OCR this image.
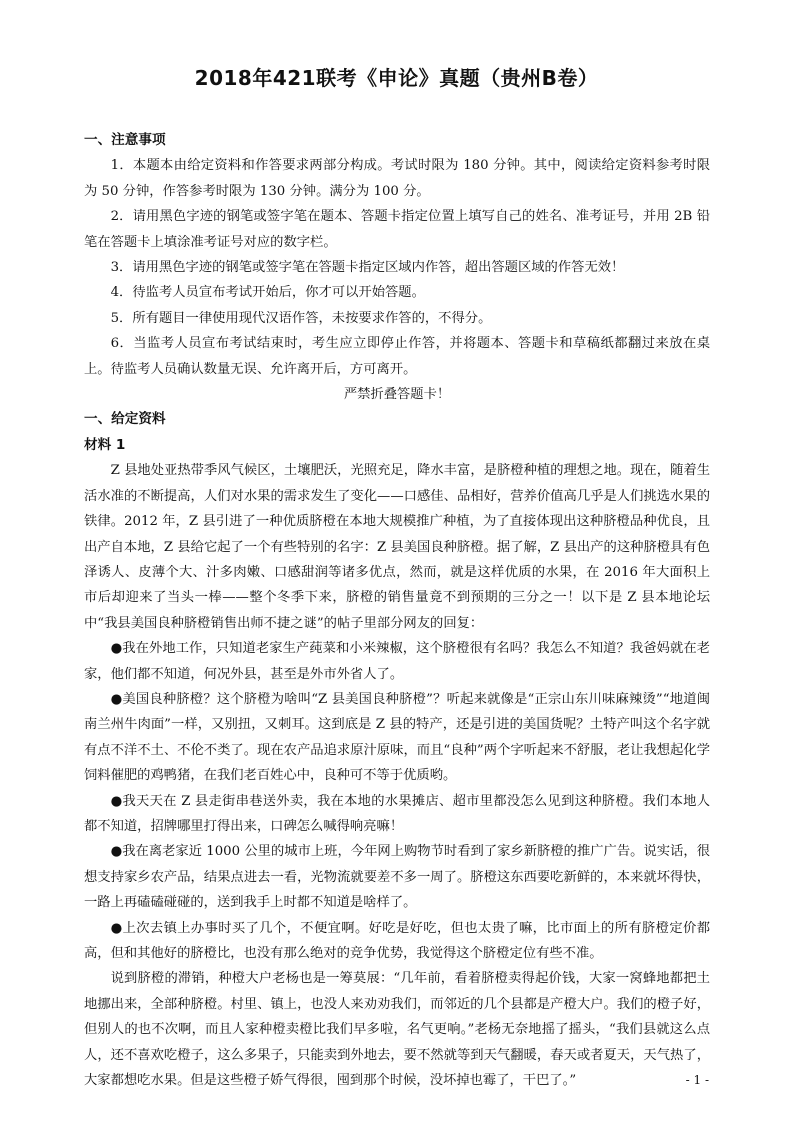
2018年421联考《申论》真题（贵州B卷）

一、注意事项

1．本题本由给定资料和作答要求两部分构成。考试时限为 180 分钟。其中，阅读给定资料参考时限为 50 分钟，作答参考时限为 130 分钟。满分为 100 分。

2．请用黑色字迹的钢笔或签字笔在题本、答题卡指定位置上填写自己的姓名、准考证号，并用 2B 铅笔在答题卡上填涂准考证号对应的数字栏。

3．请用黑色字迹的钢笔或签字笔在答题卡指定区域内作答，超出答题区域的作答无效！

4．待监考人员宣布考试开始后，你才可以开始答题。

5．所有题目一律使用现代汉语作答，未按要求作答的，不得分。

6．当监考人员宣布考试结束时，考生应立即停止作答，并将题本、答题卡和草稿纸都翻过来放在桌上。待监考人员确认数量无误、允许离开后，方可离开。

严禁折叠答题卡！

一、给定资料

材料 1

Z 县地处亚热带季风气候区，土壤肥沃，光照充足，降水丰富，是脐橙种植的理想之地。现在，随着生活水准的不断提高，人们对水果的需求发生了变化——口感佳、品相好，营养价值高几乎是人们挑选水果的铁律。2012 年，Z 县引进了一种优质脐橙在本地大规模推广种植，为了直接体现出这种脐橙品种优良，且出产自本地，Z 县给它起了一个有些特别的名字：Z 县美国良种脐橙。据了解，Z 县出产的这种脐橙具有色泽诱人、皮薄个大、汁多肉嫩、口感甜润等诸多优点，然而，就是这样优质的水果，在 2016 年大面积上市后却迎来了当头一棒——整个冬季下来，脐橙的销售量竟不到预期的三分之一！以下是 Z 县本地论坛中“我县美国良种脐橙销售出师不捷之谜”的帖子里部分网友的回复：

●我在外地工作，只知道老家生产莼菜和小米辣椒，这个脐橙很有名吗？我怎么不知道？我爸妈就在老家，他们都不知道，何况外县，甚至是外市外省人了。

●美国良种脐橙？这个脐橙为啥叫“Z 县美国良种脐橙”？听起来就像是“正宗山东川味麻辣烫”“地道闽南兰州牛肉面”一样，又别扭，又刺耳。这到底是 Z 县的特产，还是引进的美国货呢？土特产叫这个名字就有点不洋不土、不伦不类了。现在农产品追求原汁原味，而且“良种”两个字听起来不舒服，老让我想起化学饲料催肥的鸡鸭猪，在我们老百姓心中，良种可不等于优质哟。

●我天天在 Z 县走街串巷送外卖，我在本地的水果摊店、超市里都没怎么见到这种脐橙。我们本地人都不知道，招牌哪里打得出来，口碑怎么喊得响亮嘛！

●我在离老家近 1000 公里的城市上班，今年网上购物节时看到了家乡新脐橙的推广广告。说实话，很想支持家乡农产品，结果点进去一看，光物流就要差不多一周了。脐橙这东西要吃新鲜的，本来就坏得快，一路上再磕磕碰碰的，送到我手上时都不知道是啥样了。

●上次去镇上办事时买了几个，不便宜啊。好吃是好吃，但也太贵了嘛，比市面上的所有脐橙定价都高，但和其他好的脐橙比，也没有那么绝对的竞争优势，我觉得这个脐橙定位有些不准。

说到脐橙的滞销，种橙大户老杨也是一筹莫展：“几年前，看着脐橙卖得起价钱，大家一窝蜂地都把土地挪出来，全部种脐橙。村里、镇上，也没人来劝劝我们，而邻近的几个县都是产橙大户。我们的橙子好，但别人的也不次啊，而且人家种橙卖橙比我们早多啦，名气更响。”老杨无奈地摇了摇头，“我们县就这么点人，还不喜欢吃橙子，这么多果子，只能卖到外地去，要不然就等到天气翻暖，春天或者夏天，天气热了，大家都想吃水果。但是这些橙子娇气得很，囤到那个时候，没坏掉也霉了，干巴了。”	- 1 -
